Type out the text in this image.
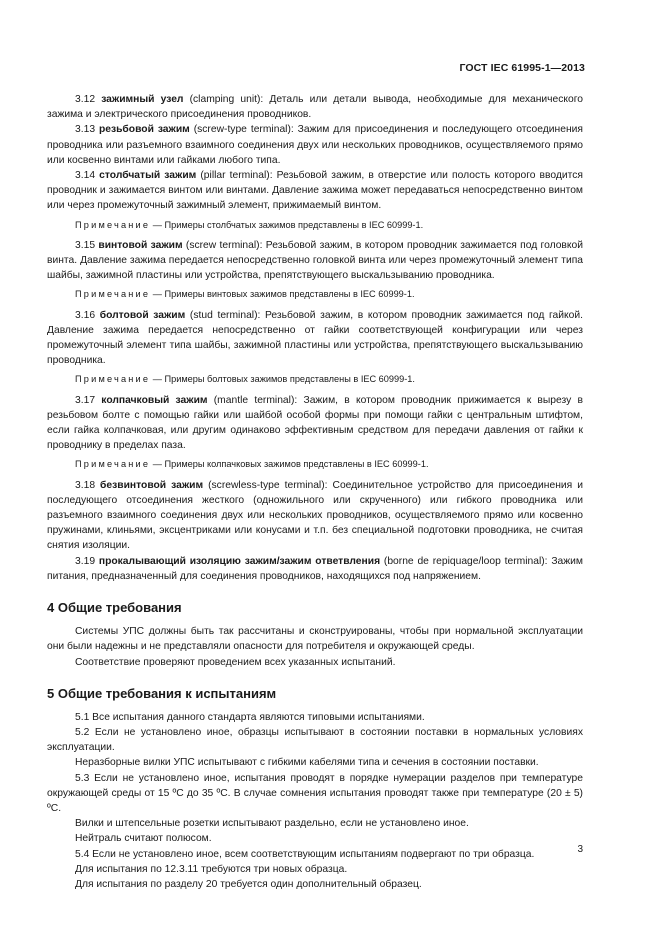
ГОСТ IEC 61995-1—2013

3.12 зажимный узел (clamping unit): Деталь или детали вывода, необходимые для механического зажима и электрического присоединения проводников.

3.13 резьбовой зажим (screw-type terminal): Зажим для присоединения и последующего отсоединения проводника или разъемного взаимного соединения двух или нескольких проводников, осуществляемого прямо или косвенно винтами или гайками любого типа.

3.14 столбчатый зажим (pillar terminal): Резьбовой зажим, в отверстие или полость которого вводится проводник и зажимается винтом или винтами. Давление зажима может передаваться непосредственно винтом или через промежуточный зажимный элемент, прижимаемый винтом.

Примечание — Примеры столбчатых зажимов представлены в IEC 60999-1.

3.15 винтовой зажим (screw terminal): Резьбовой зажим, в котором проводник зажимается под головкой винта. Давление зажима передается непосредственно головкой винта или через промежуточный элемент типа шайбы, зажимной пластины или устройства, препятствующего выскальзыванию проводника.

Примечание — Примеры винтовых зажимов представлены в IEC 60999-1.

3.16 болтовой зажим (stud terminal): Резьбовой зажим, в котором проводник зажимается под гайкой. Давление зажима передается непосредственно от гайки соответствующей конфигурации или через промежуточный элемент типа шайбы, зажимной пластины или устройства, препятствующего выскальзыванию проводника.

Примечание — Примеры болтовых зажимов представлены в IEC 60999-1.

3.17 колпачковый зажим (mantle terminal): Зажим, в котором проводник прижимается к вырезу в резьбовом болте с помощью гайки или шайбой особой формы при помощи гайки с центральным штифтом, если гайка колпачковая, или другим одинаково эффективным средством для передачи давления от гайки к проводнику в пределах паза.

Примечание — Примеры колпачковых зажимов представлены в IEC 60999-1.

3.18 безвинтовой зажим (screwless-type terminal): Соединительное устройство для присоединения и последующего отсоединения жесткого (одножильного или скрученного) или гибкого проводника или разъемного взаимного соединения двух или нескольких проводников, осуществляемого прямо или косвенно пружинами, клиньями, эксцентриками или конусами и т.п. без специальной подготовки проводника, не считая снятия изоляции.

3.19 прокалывающий изоляцию зажим/зажим ответвления (borne de repiquage/loop terminal): Зажим питания, предназначенный для соединения проводников, находящихся под напряжением.

4 Общие требования

Системы УПС должны быть так рассчитаны и сконструированы, чтобы при нормальной эксплуатации они были надежны и не представляли опасности для потребителя и окружающей среды.

Соответствие проверяют проведением всех указанных испытаний.

5 Общие требования к испытаниям

5.1 Все испытания данного стандарта являются типовыми испытаниями.

5.2 Если не установлено иное, образцы испытывают в состоянии поставки в нормальных условиях эксплуатации.

Неразборные вилки УПС испытывают с гибкими кабелями типа и сечения в состоянии поставки.

5.3 Если не установлено иное, испытания проводят в порядке нумерации разделов при температуре окружающей среды от 15 ºС до 35 ºС. В случае сомнения испытания проводят также при температуре (20 ± 5) ºС.

Вилки и штепсельные розетки испытывают раздельно, если не установлено иное.

Нейтраль считают полюсом.

5.4 Если не установлено иное, всем соответствующим испытаниям подвергают по три образца.

Для испытания по 12.3.11 требуются три новых образца.

Для испытания по разделу 20 требуется один дополнительный образец.

3
